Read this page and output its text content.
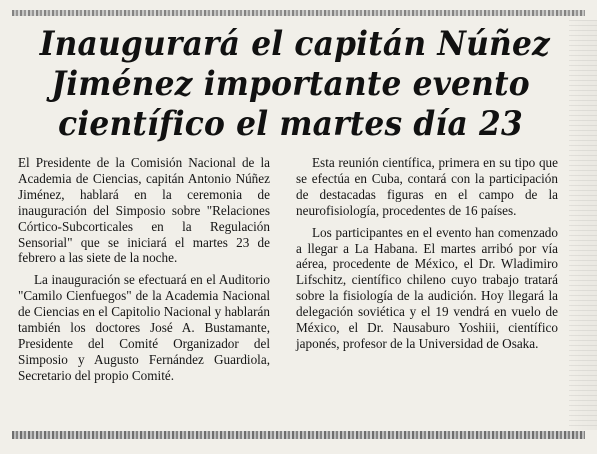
Inaugurará el capitán Núñez
Jiménez importante evento
científico el martes día 23

El Presidente de la Comisión Nacional de la Academia de Ciencias, capitán Antonio Núñez Jiménez, hablará en la ceremonia de inauguración del Simposio sobre "Relaciones Córtico-Subcorticales en la Regulación Sensorial" que se iniciará el martes 23 de febrero a las siete de la noche.

La inauguración se efectuará en el Auditorio "Camilo Cienfuegos" de la Academia Nacional de Ciencias en el Capitolio Nacional y hablarán también los doctores José A. Bustamante, Presidente del Comité Organizador del Simposio y Augusto Fernández Guardiola, Secretario del propio Comité.

Esta reunión científica, primera en su tipo que se efectúa en Cuba, contará con la participación de destacadas figuras en el campo de la neurofisiología, procedentes de 16 países.

Los participantes en el evento han comenzado a llegar a La Habana. El martes arribó por vía aérea, procedente de México, el Dr. Wladimiro Lifschitz, científico chileno cuyo trabajo tratará sobre la fisiología de la audición. Hoy llegará la delegación soviética y el 19 vendrá en vuelo de México, el Dr. Nausaburo Yoshiii, científico japonés, profesor de la Universidad de Osaka.
